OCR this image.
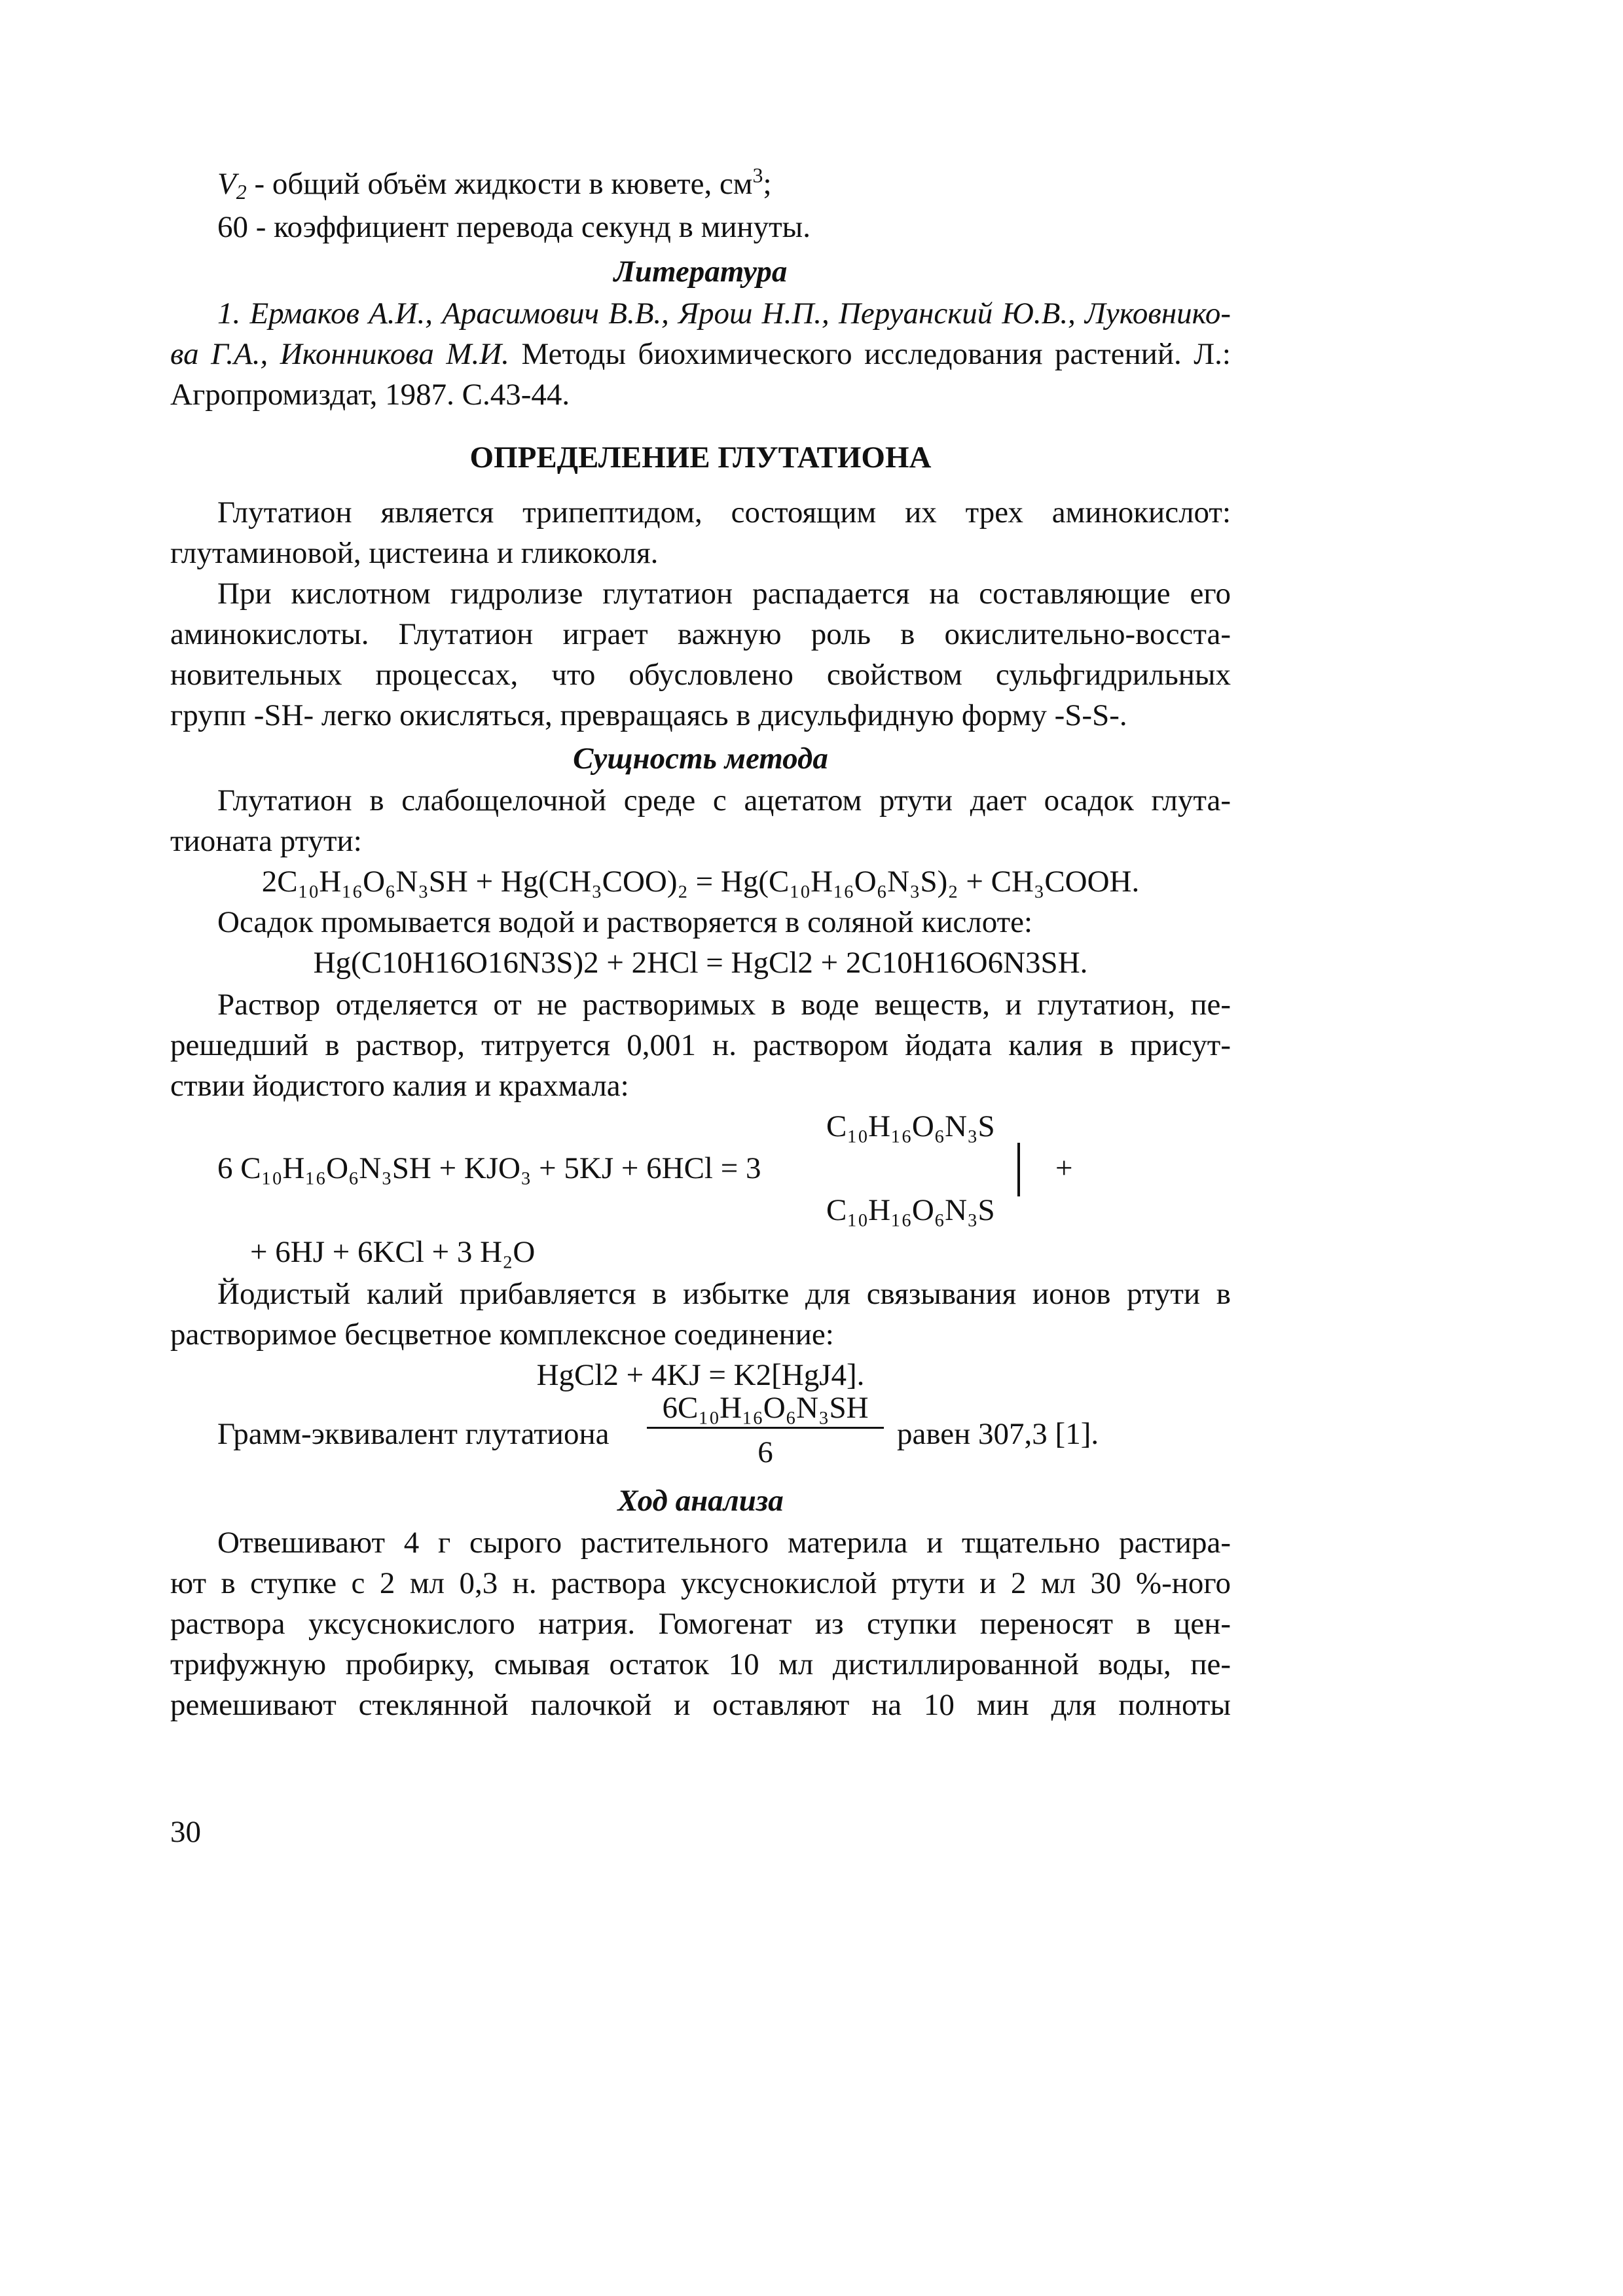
$V_2$ - общий объём жидкости в кювете, $см^3$;
60 - коэффициент перевода секунд в минуты.
Литература
1. Ермаков А.И., Арасимович В.В., Ярош Н.П., Перуанский Ю.В., Луковнико-
ва Г.А., Иконникова М.И. Методы биохимического исследования растений. Л.:
Агропромиздат, 1987. С.43-44.
ОПРЕДЕЛЕНИЕ ГЛУТАТИОНА
Глутатион является трипептидом, состоящим их трех аминокислот:
глутаминовой, цистеина и гликоколя.
При кислотном гидролизе глутатион распадается на составляющие его
аминокислоты. Глутатион играет важную роль в окислительно-восста-
новительных процессах, что обусловлено свойством сульфгидрильных
групп -SH- легко окисляться, превращаясь в дисульфидную форму -S-S-.
Сущность метода
Глутатион в слабощелочной среде с ацетатом ртути дает осадок глута-
тионата ртути:
2C₁₀H₁₆O₆N₃SH + Hg(CH₃COO)₂ = Hg(C₁₀H₁₆O₆N₃S)₂ + CH₃COOH.
Осадок промывается водой и растворяется в соляной кислоте:
Hg(C10H16O16N3S)2 + 2HCl = HgCl2 + 2C10H16O6N3SH.
Раствор отделяется от не растворимых в воде веществ, и глутатион, пе-
решедший в раствор, титруется 0,001 н. раствором йодата калия в присут-
ствии йодистого калия и крахмала:
C₁₀H₁₆O₆N₃S
6 C₁₀H₁₆O₆N₃SH + KJO₃ + 5KJ + 6HCl = 3	+
C₁₀H₁₆O₆N₃S
+ 6HJ + 6KCl + 3 H₂O
Йодистый калий прибавляется в избытке для связывания ионов ртути в
растворимое бесцветное комплексное соединение:
HgCl2 + 4KJ = K2[HgJ4].
Грамм-эквивалент глутатиона
6C₁₀H₁₆O₆N₃SH
6
равен 307,3 [1].
Ход анализа
Отвешивают 4 г сырого растительного материла и тщательно растира-
ют в ступке с 2 мл 0,3 н. раствора уксуснокислой ртути и 2 мл 30 %-ного
раствора уксуснокислого натрия. Гомогенат из ступки переносят в цен-
трифужную пробирку, смывая остаток 10 мл дистиллированной воды, пе-
ремешивают стеклянной палочкой и оставляют на 10 мин для полноты
30
